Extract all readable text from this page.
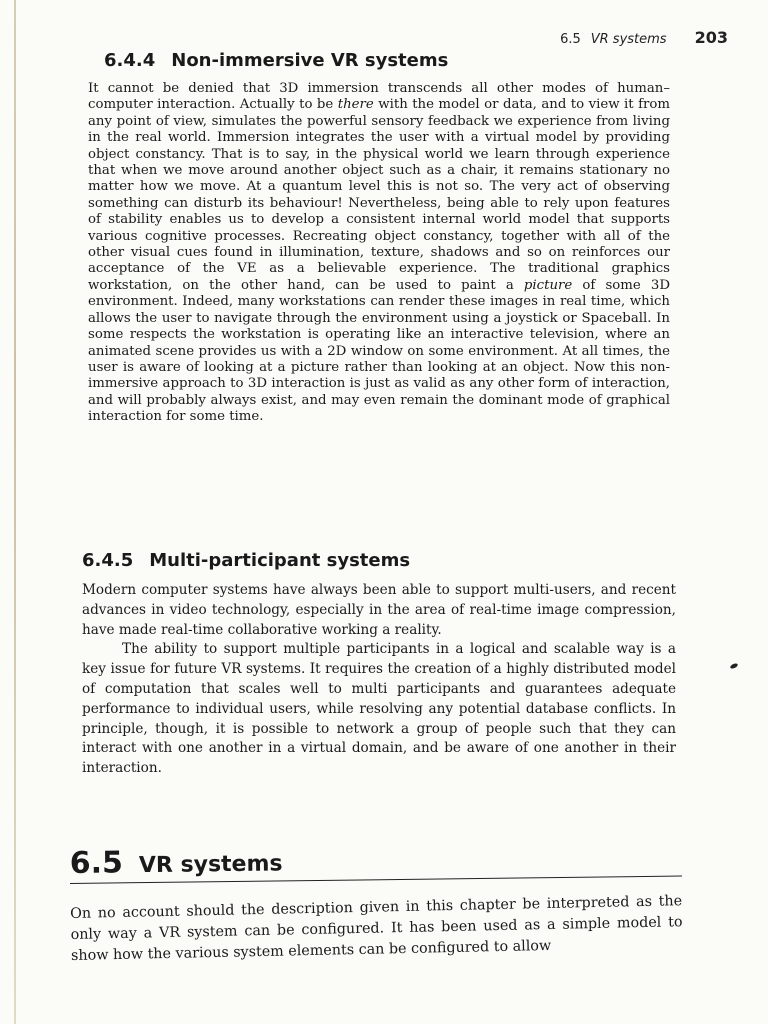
6.5 VR systems 203
6.4.4 Non-immersive VR systems

It cannot be denied that 3D immersion transcends all other modes of human–computer interaction. Actually to be there with the model or data, and to view it from any point of view, simulates the powerful sensory feedback we experience from living in the real world. Immersion integrates the user with a virtual model by providing object constancy. That is to say, in the physical world we learn through experience that when we move around another object such as a chair, it remains stationary no matter how we move. At a quantum level this is not so. The very act of observing something can disturb its behaviour! Nevertheless, being able to rely upon features of stability enables us to develop a consistent internal world model that supports various cognitive processes. Recreating object constancy, together with all of the other visual cues found in illumination, texture, shadows and so on reinforces our acceptance of the VE as a believable experience. The traditional graphics workstation, on the other hand, can be used to paint a picture of some 3D environment. Indeed, many workstations can render these images in real time, which allows the user to navigate through the environment using a joystick or Spaceball. In some respects the workstation is operating like an interactive television, where an animated scene provides us with a 2D window on some environment. At all times, the user is aware of looking at a picture rather than looking at an object. Now this non-immersive approach to 3D interaction is just as valid as any other form of interaction, and will probably always exist, and may even remain the dominant mode of graphical interaction for some time.

6.4.5 Multi-participant systems

Modern computer systems have always been able to support multi-users, and recent advances in video technology, especially in the area of real-time image compression, have made real-time collaborative working a reality.

The ability to support multiple participants in a logical and scalable way is a key issue for future VR systems. It requires the creation of a highly distributed model of computation that scales well to multi participants and guarantees adequate performance to individual users, while resolving any potential database conflicts. In principle, though, it is possible to network a group of people such that they can interact with one another in a virtual domain, and be aware of one another in their interaction.

6.5 VR systems

On no account should the description given in this chapter be interpreted as the only way a VR system can be configured. It has been used as a simple model to show how the various system elements can be configured to allow
